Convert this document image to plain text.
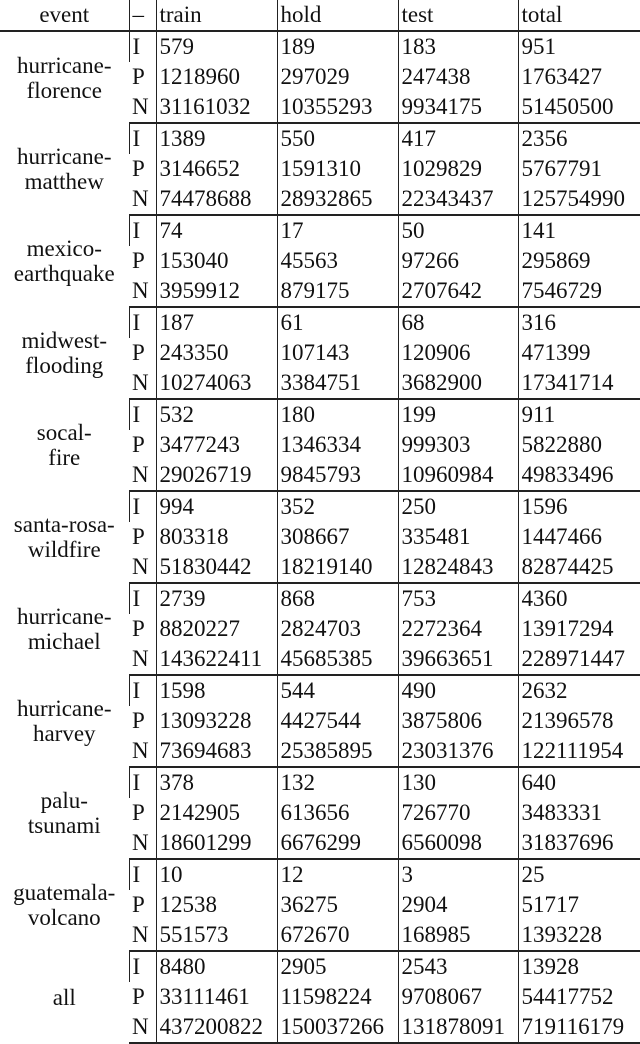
event	–	train	hold	test	total

hurricane-
florence	I	579	189	183	951
	P	1218960	297029	247438	1763427
	N	31161032	10355293	9934175	51450500

hurricane-
matthew	I	1389	550	417	2356
	P	3146652	1591310	1029829	5767791
	N	74478688	28932865	22343437	125754990

mexico-
earthquake	I	74	17	50	141
	P	153040	45563	97266	295869
	N	3959912	879175	2707642	7546729

midwest-
flooding	I	187	61	68	316
	P	243350	107143	120906	471399
	N	10274063	3384751	3682900	17341714

socal-
fire	I	532	180	199	911
	P	3477243	1346334	999303	5822880
	N	29026719	9845793	10960984	49833496

santa-rosa-
wildfire	I	994	352	250	1596
	P	803318	308667	335481	1447466
	N	51830442	18219140	12824843	82874425

hurricane-
michael	I	2739	868	753	4360
	P	8820227	2824703	2272364	13917294
	N	143622411	45685385	39663651	228971447

hurricane-
harvey	I	1598	544	490	2632
	P	13093228	4427544	3875806	21396578
	N	73694683	25385895	23031376	122111954

palu-
tsunami	I	378	132	130	640
	P	2142905	613656	726770	3483331
	N	18601299	6676299	6560098	31837696

guatemala-
volcano	I	10	12	3	25
	P	12538	36275	2904	51717
	N	551573	672670	168985	1393228

all	I	8480	2905	2543	13928
	P	33111461	11598224	9708067	54417752
	N	437200822	150037266	131878091	719116179
